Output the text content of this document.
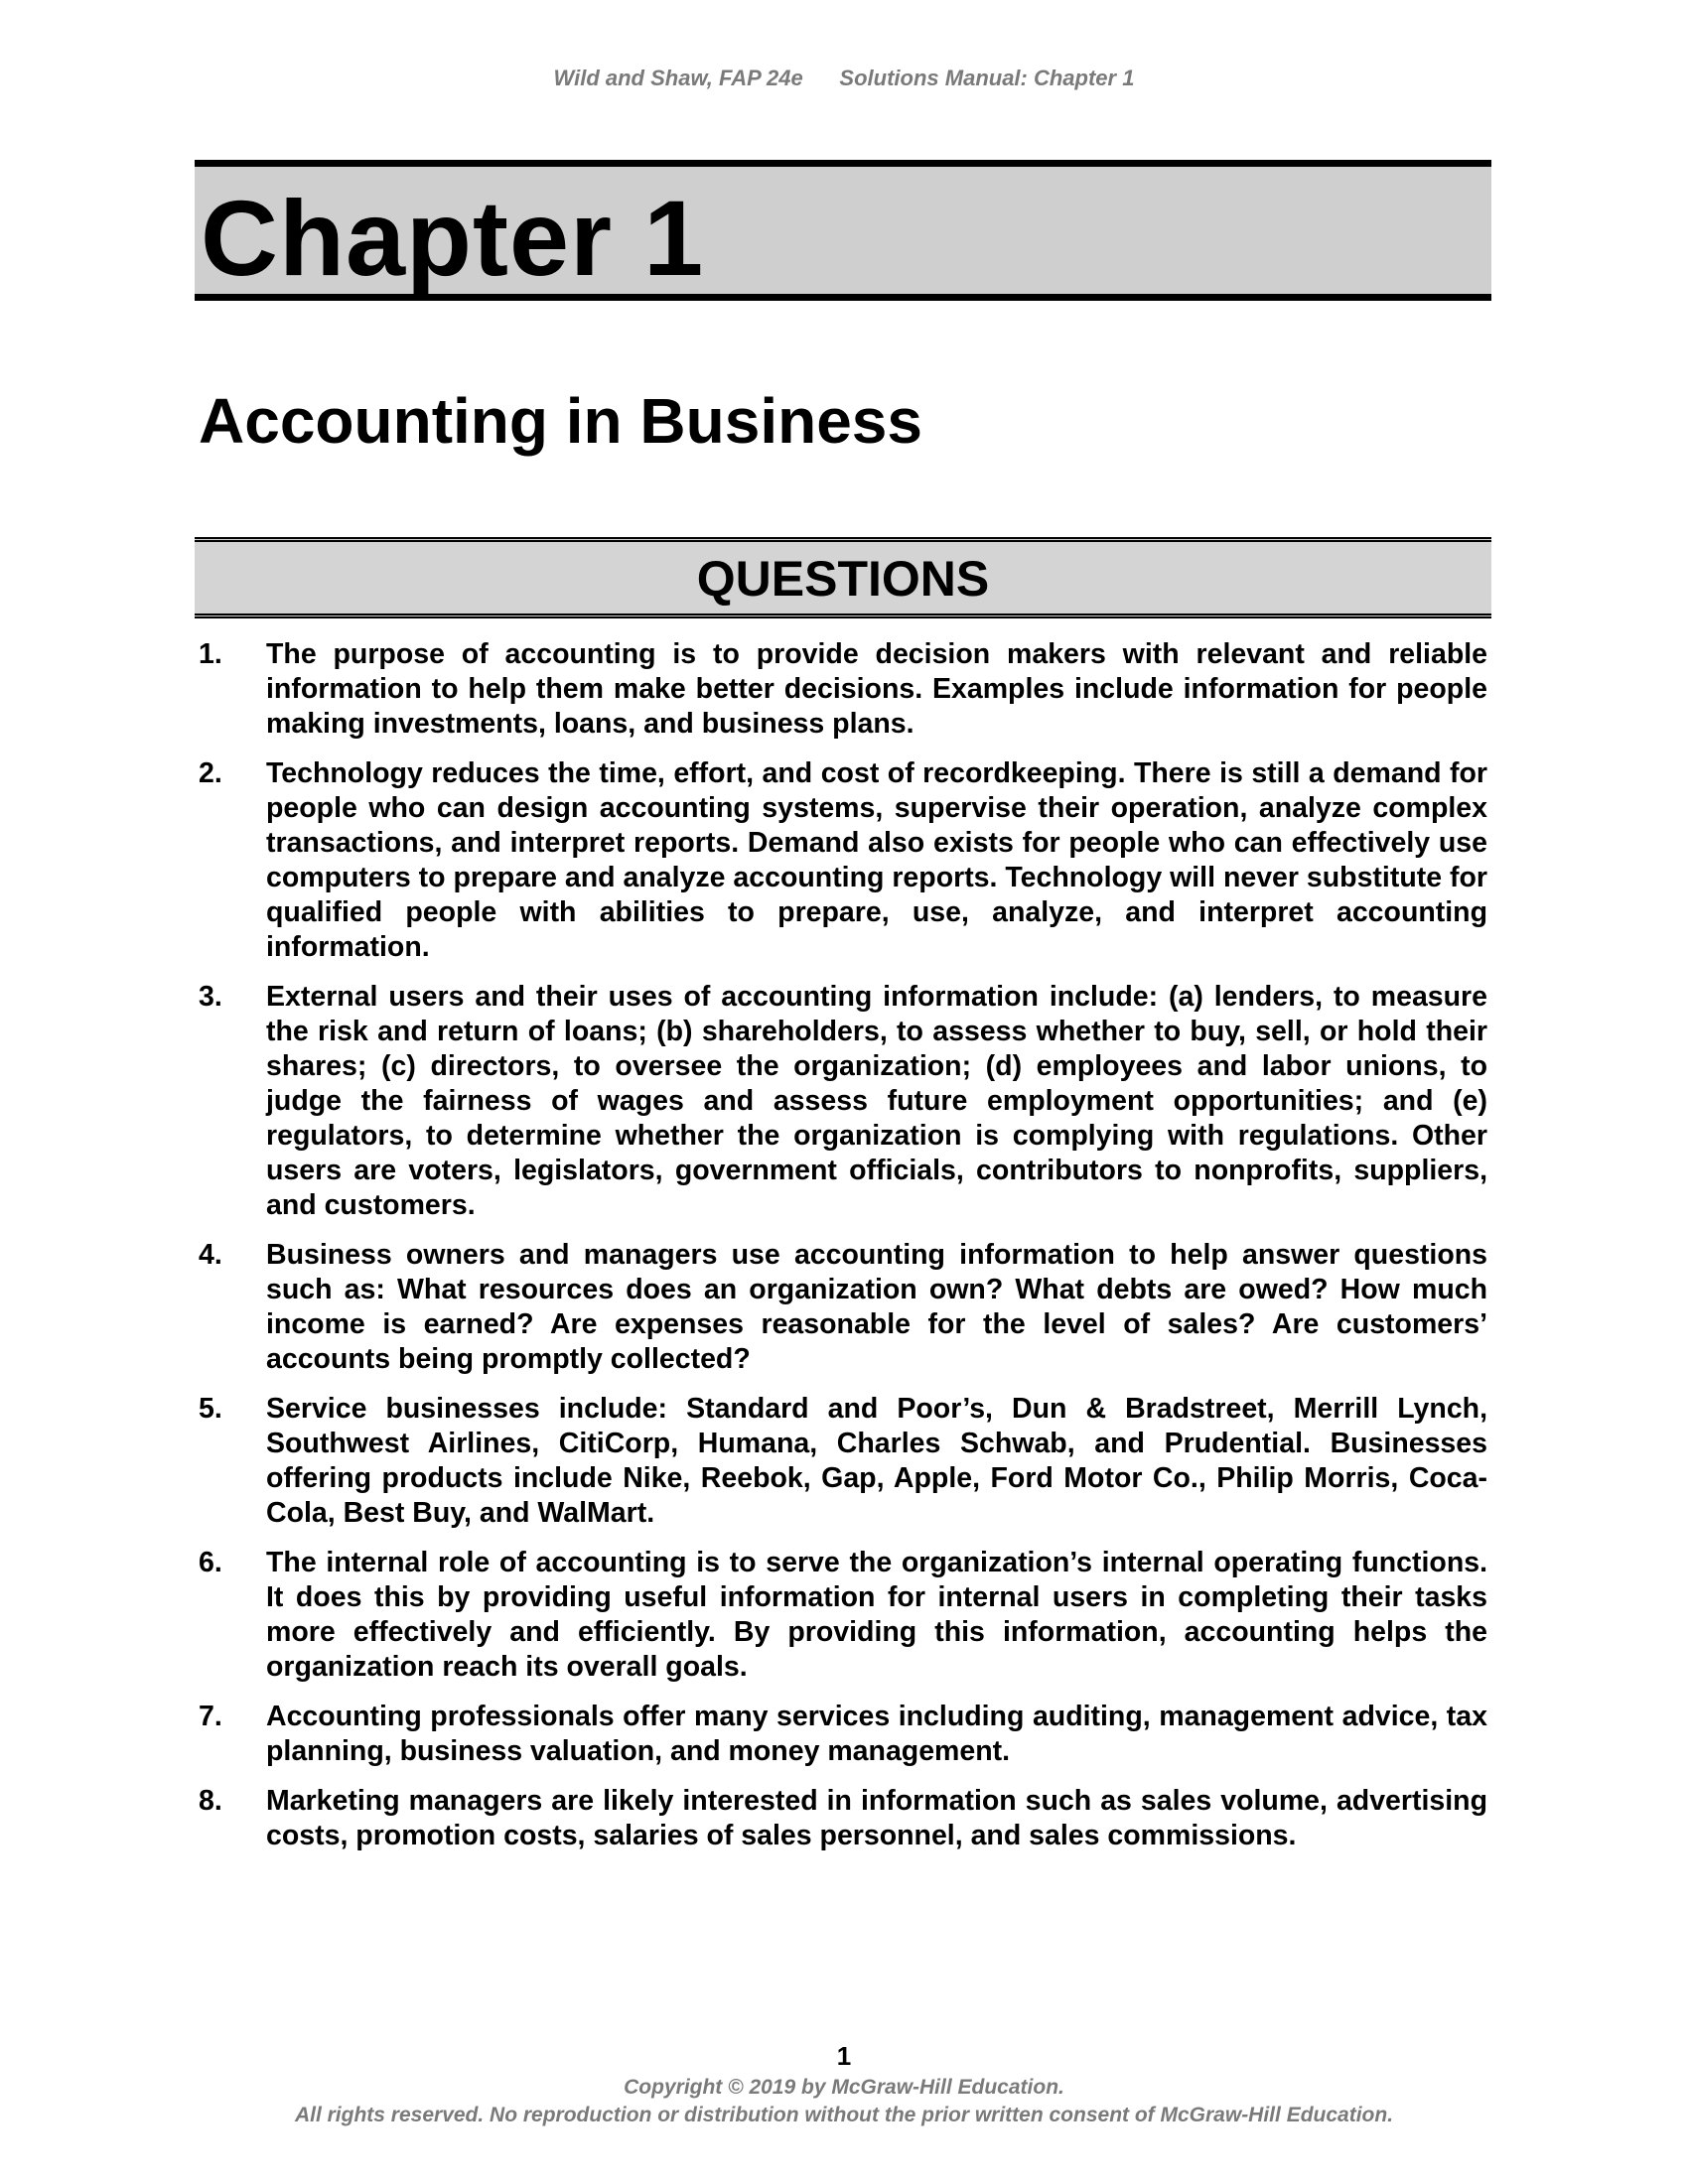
Wild and Shaw, FAP 24e      Solutions Manual: Chapter 1
Chapter 1
Accounting in Business
QUESTIONS
1.	The purpose of accounting is to provide decision makers with relevant and reliable information to help them make better decisions. Examples include information for people making investments, loans, and business plans.

2.	Technology reduces the time, effort, and cost of recordkeeping. There is still a demand for people who can design accounting systems, supervise their operation, analyze complex transactions, and interpret reports. Demand also exists for people who can effectively use computers to prepare and analyze accounting reports. Technology will never substitute for qualified people with abilities to prepare, use, analyze, and interpret accounting information.

3.	External users and their uses of accounting information include: (a) lenders, to measure the risk and return of loans; (b) shareholders, to assess whether to buy, sell, or hold their shares; (c) directors, to oversee the organization; (d) employees and labor unions, to judge the fairness of wages and assess future employment opportunities; and (e) regulators, to determine whether the organization is complying with regulations. Other users are voters, legislators, government officials, contributors to nonprofits, suppliers, and customers.

4.	Business owners and managers use accounting information to help answer questions such as: What resources does an organization own? What debts are owed? How much income is earned? Are expenses reasonable for the level of sales? Are customers’ accounts being promptly collected?

5.	Service businesses include: Standard and Poor’s, Dun & Bradstreet, Merrill Lynch, Southwest Airlines, CitiCorp, Humana, Charles Schwab, and Prudential. Businesses offering products include Nike, Reebok, Gap, Apple, Ford Motor Co., Philip Morris, Coca-Cola, Best Buy, and WalMart.

6.	The internal role of accounting is to serve the organization’s internal operating functions. It does this by providing useful information for internal users in completing their tasks more effectively and efficiently. By providing this information, accounting helps the organization reach its overall goals.

7.	Accounting professionals offer many services including auditing, management advice, tax planning, business valuation, and money management.

8.	Marketing managers are likely interested in information such as sales volume, advertising costs, promotion costs, salaries of sales personnel, and sales commissions.

1
Copyright © 2019 by McGraw-Hill Education.
All rights reserved. No reproduction or distribution without the prior written consent of McGraw-Hill Education.
